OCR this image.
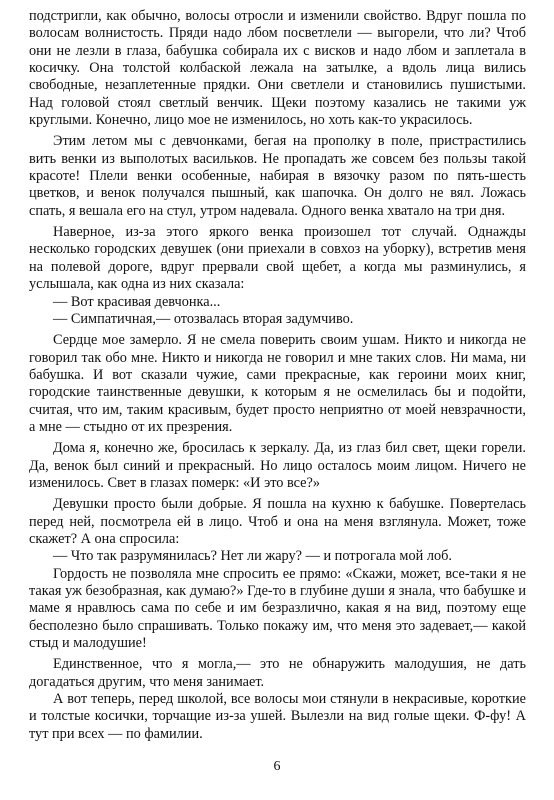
подстригли, как обычно, волосы отросли и изменили свойство. Вдруг пошла по волосам волнистость. Пряди надо лбом посветлели — выгорели, что ли? Чтоб они не лезли в глаза, бабушка собирала их с висков и надо лбом и заплетала в косичку. Она толстой колбаской лежала на затылке, а вдоль лица вились свободные, незаплетенные прядки. Они светлели и становились пушистыми. Над головой стоял светлый венчик. Щеки поэтому казались не такими уж круглыми. Конечно, лицо мое не изменилось, но хоть как-то украсилось.

Этим летом мы с девчонками, бегая на прополку в поле, пристрастились вить венки из выполотых васильков. Не пропадать же совсем без пользы такой красоте! Плели венки особенные, набирая в вязочку разом по пять-шесть цветков, и венок получался пышный, как шапочка. Он долго не вял. Ложась спать, я вешала его на стул, утром надевала. Одного венка хватало на три дня.

Наверное, из-за этого яркого венка произошел тот случай. Однажды несколько городских девушек (они приехали в совхоз на уборку), встретив меня на полевой дороге, вдруг прервали свой щебет, а когда мы разминулись, я услышала, как одна из них сказала:

— Вот красивая девчонка...

— Симпатичная,— отозвалась вторая задумчиво.

Сердце мое замерло. Я не смела поверить своим ушам. Никто и никогда не говорил так обо мне. Никто и никогда не говорил и мне таких слов. Ни мама, ни бабушка. И вот сказали чужие, сами прекрасные, как героини моих книг, городские таинственные девушки, к которым я не осмелилась бы и подойти, считая, что им, таким красивым, будет просто неприятно от моей невзрачности, а мне — стыдно от их презрения.

Дома я, конечно же, бросилась к зеркалу. Да, из глаз бил свет, щеки горели. Да, венок был синий и прекрасный. Но лицо осталось моим лицом. Ничего не изменилось. Свет в глазах померк: «И это все?»

Девушки просто были добрые. Я пошла на кухню к бабушке. Повертелась перед ней, посмотрела ей в лицо. Чтоб и она на меня взглянула. Может, тоже скажет? А она спросила:

— Что так разрумянилась? Нет ли жару? — и потрогала мой лоб.

Гордость не позволяла мне спросить ее прямо: «Скажи, может, все-таки я не такая уж безобразная, как думаю?» Где-то в глубине души я знала, что бабушке и маме я нравлюсь сама по себе и им безразлично, какая я на вид, поэтому еще бесполезно было спрашивать. Только покажу им, что меня это задевает,— какой стыд и малодушие!

Единственное, что я могла,— это не обнаружить малодушия, не дать догадаться другим, что меня занимает.

А вот теперь, перед школой, все волосы мои стянули в некрасивые, короткие и толстые косички, торчащие из-за ушей. Вылезли на вид голые щеки. Ф-фу! А тут при всех — по фамилии.

6
